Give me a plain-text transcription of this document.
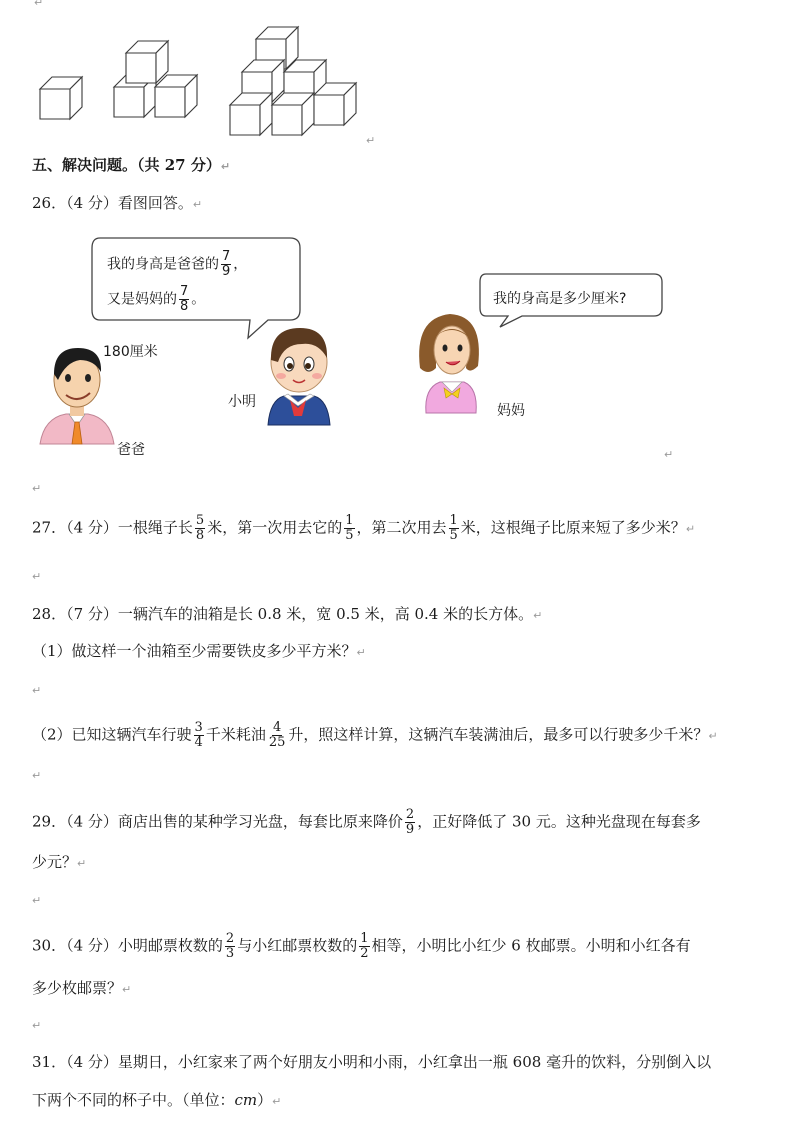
↵
↵
五、解决问题。（共 27 分）↵
26．（4 分）看图回答。↵
我的身高是爸爸的 $\frac{7}{9}$ ，
又是妈妈的 $\frac{7}{8}$ 。	我的身高是多少厘米?
180厘米
爸爸
小明
妈妈
↵
↵
27．（4 分）一根绳子长 $\frac{5}{8}$ 米，第一次用去它的 $\frac{1}{5}$ ，第二次用去 $\frac{1}{5}$ 米，这根绳子比原来短了多少米？↵
↵
28．（7 分）一辆汽车的油箱是长 0.8 米，宽 0.5 米，高 0.4 米的长方体。↵
（1）做这样一个油箱至少需要铁皮多少平方米？↵
↵
（2）已知这辆汽车行驶 $\frac{3}{4}$ 千米耗油 $\frac{4}{25}$ 升，照这样计算，这辆汽车装满油后，最多可以行驶多少千米？↵
↵
29．（4 分）商店出售的某种学习光盘，每套比原来降价 $\frac{2}{9}$ ，正好降低了 30 元。这种光盘现在每套多
少元？↵
↵
30．（4 分）小明邮票枚数的 $\frac{2}{3}$ 与小红邮票枚数的 $\frac{1}{2}$ 相等，小明比小红少 6 枚邮票。小明和小红各有
多少枚邮票？↵
↵
31．（4 分）星期日，小红家来了两个好朋友小明和小雨，小红拿出一瓶 608 毫升的饮料，分别倒入以
下两个不同的杯子中。（单位：cm）↵
